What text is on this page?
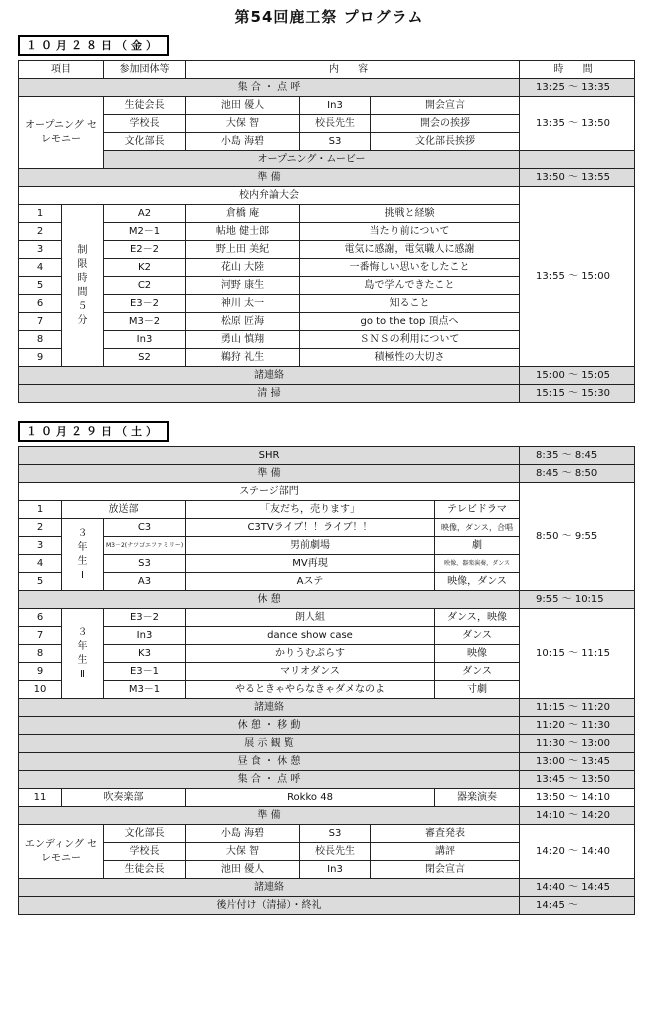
第54回鹿工祭 プログラム
１０月２８日（金）
項目		参加団体等	内 容			時 間
集 合 ・ 点 呼						13:25 ～ 13:35
オープニング セレモニー		生徒会長	池田 優人	In3	開会宣言	13:35 ～ 13:50
		学校長	大保 智	校長先生	開会の挨拶	
		文化部長	小島 海碧	S3	文化部長挨拶	
		オープニング・ムービー				
準 備						13:50 ～ 13:55
校内弁論大会						13:55 ～ 15:00
1	制限時間５分	A2	倉橋 庵	挑戦と経験		
2		M2－1	帖地 健士郎	当たり前について		
3		E2－2	野上田 美紀	電気に感謝，電気職人に感謝		
4		K2	花山 大陸	一番悔しい思いをしたこと		
5		C2	河野 康生	島で学んできたこと		
6		E3－2	神川 太一	知ること		
7		M3－2	松原 匠海	go to the top 頂点へ		
8		In3	勇山 慎翔	ＳＮＳの利用について		
9		S2	鵜狩 礼生	積極性の大切さ		
諸連絡						15:00 ～ 15:05
清 掃						15:15 ～ 15:30
１０月２９日（土）
SHR							8:35 ～ 8:45
準 備							8:45 ～ 8:50
ステージ部門							8:50 ～ 9:55
1	放送部		「友だち，売ります」			テレビドラマ	
2	３年生Ⅰ	C3	C3TVライブ！！ライブ！！			映像，ダンス，合唱	
3		M3－2(ナツゴエファミリー)	男前劇場			劇	
4		S3	MV再現			映像，器楽演奏，ダンス	
5		A3	Aステ			映像，ダンス	
休 憩							9:55 ～ 10:15
6	３年生Ⅱ	E3－2	朗人組			ダンス，映像	10:15 ～ 11:15
7		In3	dance show case			ダンス	
8		K3	かりうむぷらす			映像	
9		E3－1	マリオダンス			ダンス	
10		M3－1	やるときゃやらなきゃダメなのよ			寸劇	
諸連絡							11:15 ～ 11:20
休 憩 ・ 移 動							11:20 ～ 11:30
展 示 観 覧							11:30 ～ 13:00
昼 食 ・ 休 憩							13:00 ～ 13:45
集 合 ・ 点 呼							13:45 ～ 13:50
11	吹奏楽部		Rokko 48			器楽演奏	13:50 ～ 14:10
準 備							14:10 ～ 14:20
エンディング セレモニー		文化部長	小島 海碧	S3	審査発表		14:20 ～ 14:40
		学校長	大保 智	校長先生	講評		
		生徒会長	池田 優人	In3	閉会宣言		
諸連絡							14:40 ～ 14:45
後片付け（清掃）・終礼							14:45 ～
